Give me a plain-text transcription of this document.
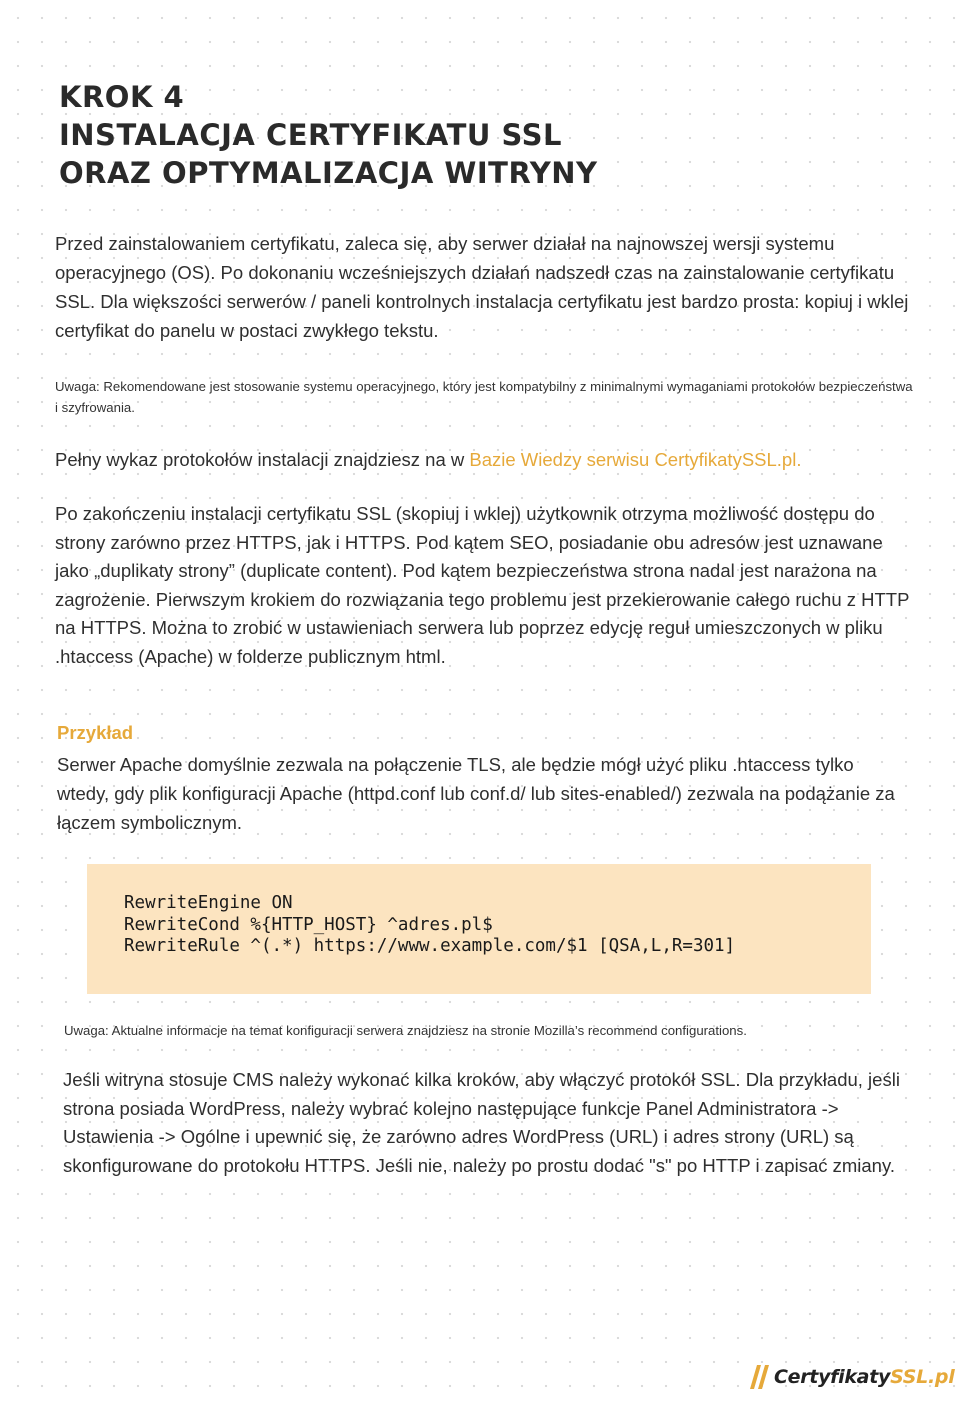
KROK 4
INSTALACJA CERTYFIKATU SSL
ORAZ OPTYMALIZACJA WITRYNY

Przed zainstalowaniem certyfikatu, zaleca się, aby serwer działał na najnowszej wersji systemu operacyjnego (OS). Po dokonaniu wcześniejszych działań nadszedł czas na zainstalowanie certyfikatu SSL. Dla większości serwerów / paneli kontrolnych instalacja certyfikatu jest bardzo prosta: kopiuj i wklej certyfikat do panelu w postaci zwykłego tekstu.

Uwaga: Rekomendowane jest stosowanie systemu operacyjnego, który jest kompatybilny z minimalnymi wymaganiami protokołów bezpieczeństwa i szyfrowania.

Pełny wykaz protokołów instalacji znajdziesz na w Bazie Wiedzy serwisu CertyfikatySSL.pl.

Po zakończeniu instalacji certyfikatu SSL (skopiuj i wklej) użytkownik otrzyma możliwość dostępu do strony zarówno przez HTTPS, jak i HTTPS. Pod kątem SEO, posiadanie obu adresów jest uznawane jako „duplikaty strony” (duplicate content). Pod kątem bezpieczeństwa strona nadal jest narażona na zagrożenie. Pierwszym krokiem do rozwiązania tego problemu jest przekierowanie całego ruchu z HTTP na HTTPS. Można to zrobić w ustawieniach serwera lub poprzez edycję reguł umieszczonych w pliku .htaccess (Apache) w folderze publicznym html.

Przykład

Serwer Apache domyślnie zezwala na połączenie TLS, ale będzie mógł użyć pliku .htaccess tylko wtedy, gdy plik konfiguracji Apache (httpd.conf lub conf.d/ lub sites-enabled/) zezwala na podążanie za łączem symbolicznym.

RewriteEngine ON
RewriteCond %{HTTP_HOST} ^adres.pl$
RewriteRule ^(.*) https://www.example.com/$1 [QSA,L,R=301]

Uwaga: Aktualne informacje na temat konfiguracji serwera znajdziesz na stronie Mozilla’s recommend configurations.

Jeśli witryna stosuje CMS należy wykonać kilka kroków, aby włączyć protokół SSL. Dla przykładu, jeśli strona posiada WordPress, należy wybrać kolejno następujące funkcje Panel Administratora -> Ustawienia -> Ogólne i upewnić się, że zarówno adres WordPress (URL) i adres strony (URL) są skonfigurowane do protokołu HTTPS. Jeśli nie, należy po prostu dodać "s" po HTTP i zapisać zmiany.

Certyfikaty SSL .pl
